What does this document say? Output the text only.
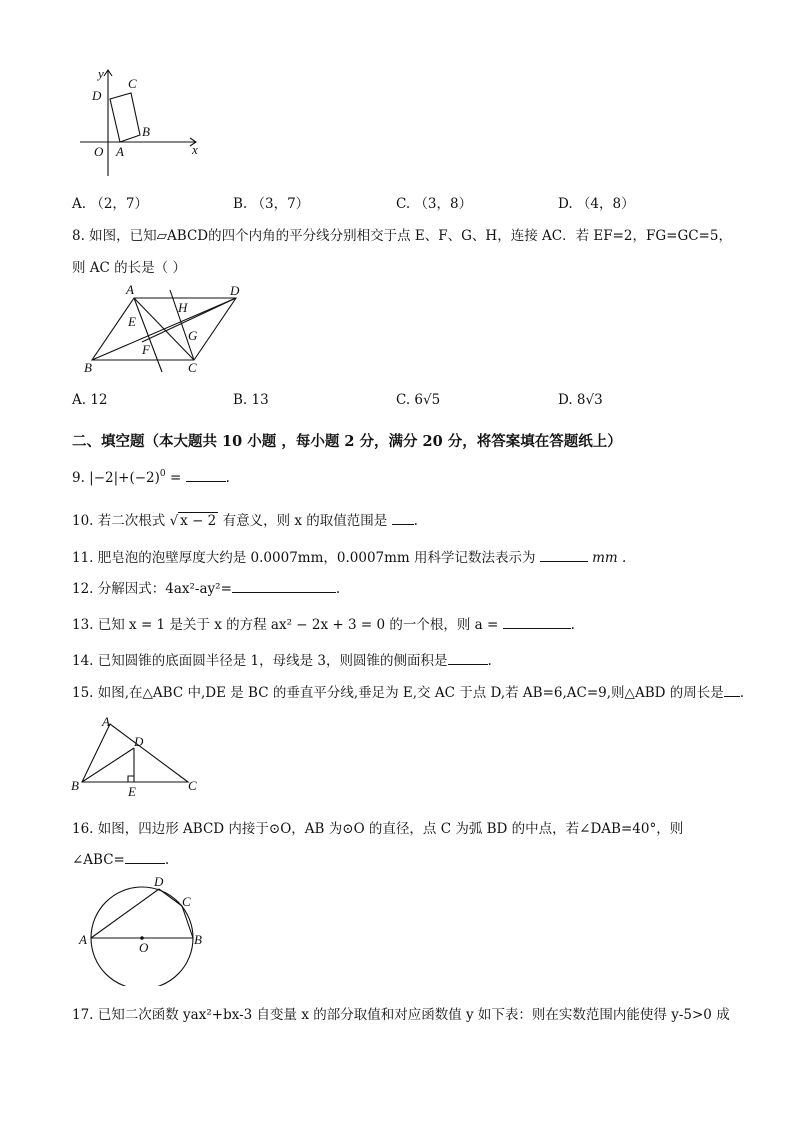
y
x
O A
B
C
D
A. （2，7）	B. （3，7）	C. （3，8）	D. （4，8）
8. 如图，已知▱ABCD的四个内角的平分线分别相交于点 E、F、G、H，连接 AC．若 EF=2，FG=GC=5，
则 AC 的长是（ ）
A	D
H
E
G
F
B	C
A. 12	B. 13	C. 6√5	D. 8√3
二、填空题（本大题共 10 小题 ，每小题 2 分，满分 20 分，将答案填在答题纸上）
9. $|-2|+(-2)^0$ =	.
10. 若二次根式 √ x − 2 有意义，则 x 的取值范围是 .
11. 肥皂泡的泡壁厚度大约是 0.0007mm，0.0007mm 用科学记数法表示为	mm .
12. 分解因式：4ax²-ay²=	.
13. 已知 x = 1 是关于 x 的方程 ax² − 2x + 3 = 0 的一个根，则 a =	.
14. 已知圆锥的底面圆半径是 1，母线是 3，则圆锥的侧面积是	.
15. 如图,在△ABC 中,DE 是 BC 的垂直平分线,垂足为 E,交 AC 于点 D,若 AB=6,AC=9,则△ABD 的周长是 .
A
D
B	E	C
16. 如图，四边形 ABCD 内接于⊙O，AB 为⊙O 的直径，点 C 为弧 BD 的中点，若∠DAB=40°，则
∠ABC=	.
D
C
A
O
B
17. 已知二次函数 yax²+bx-3 自变量 x 的部分取值和对应函数值 y 如下表：则在实数范围内能使得 y-5>0 成
